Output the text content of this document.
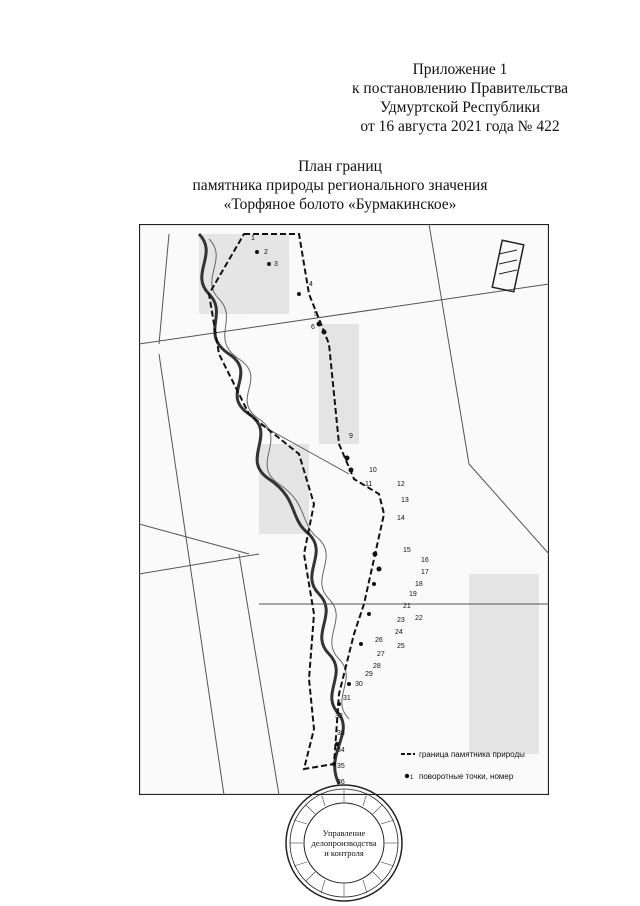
Приложение 1
к постановлению Правительства
Удмуртской Республики
от 16 августа 2021 года № 422
План границ
памятника природы регионального значения
«Торфяное болото «Бурмакинское»
1
2
3
4
5
6
9
10
11	12
13
14
15
16
17
18
19
21
22
23
24
25
26
27
28
29
30
31
32
33
34
35
36
граница памятника природы
1 поворотные точки, номер
Управление
делопроизводства
и контроля
